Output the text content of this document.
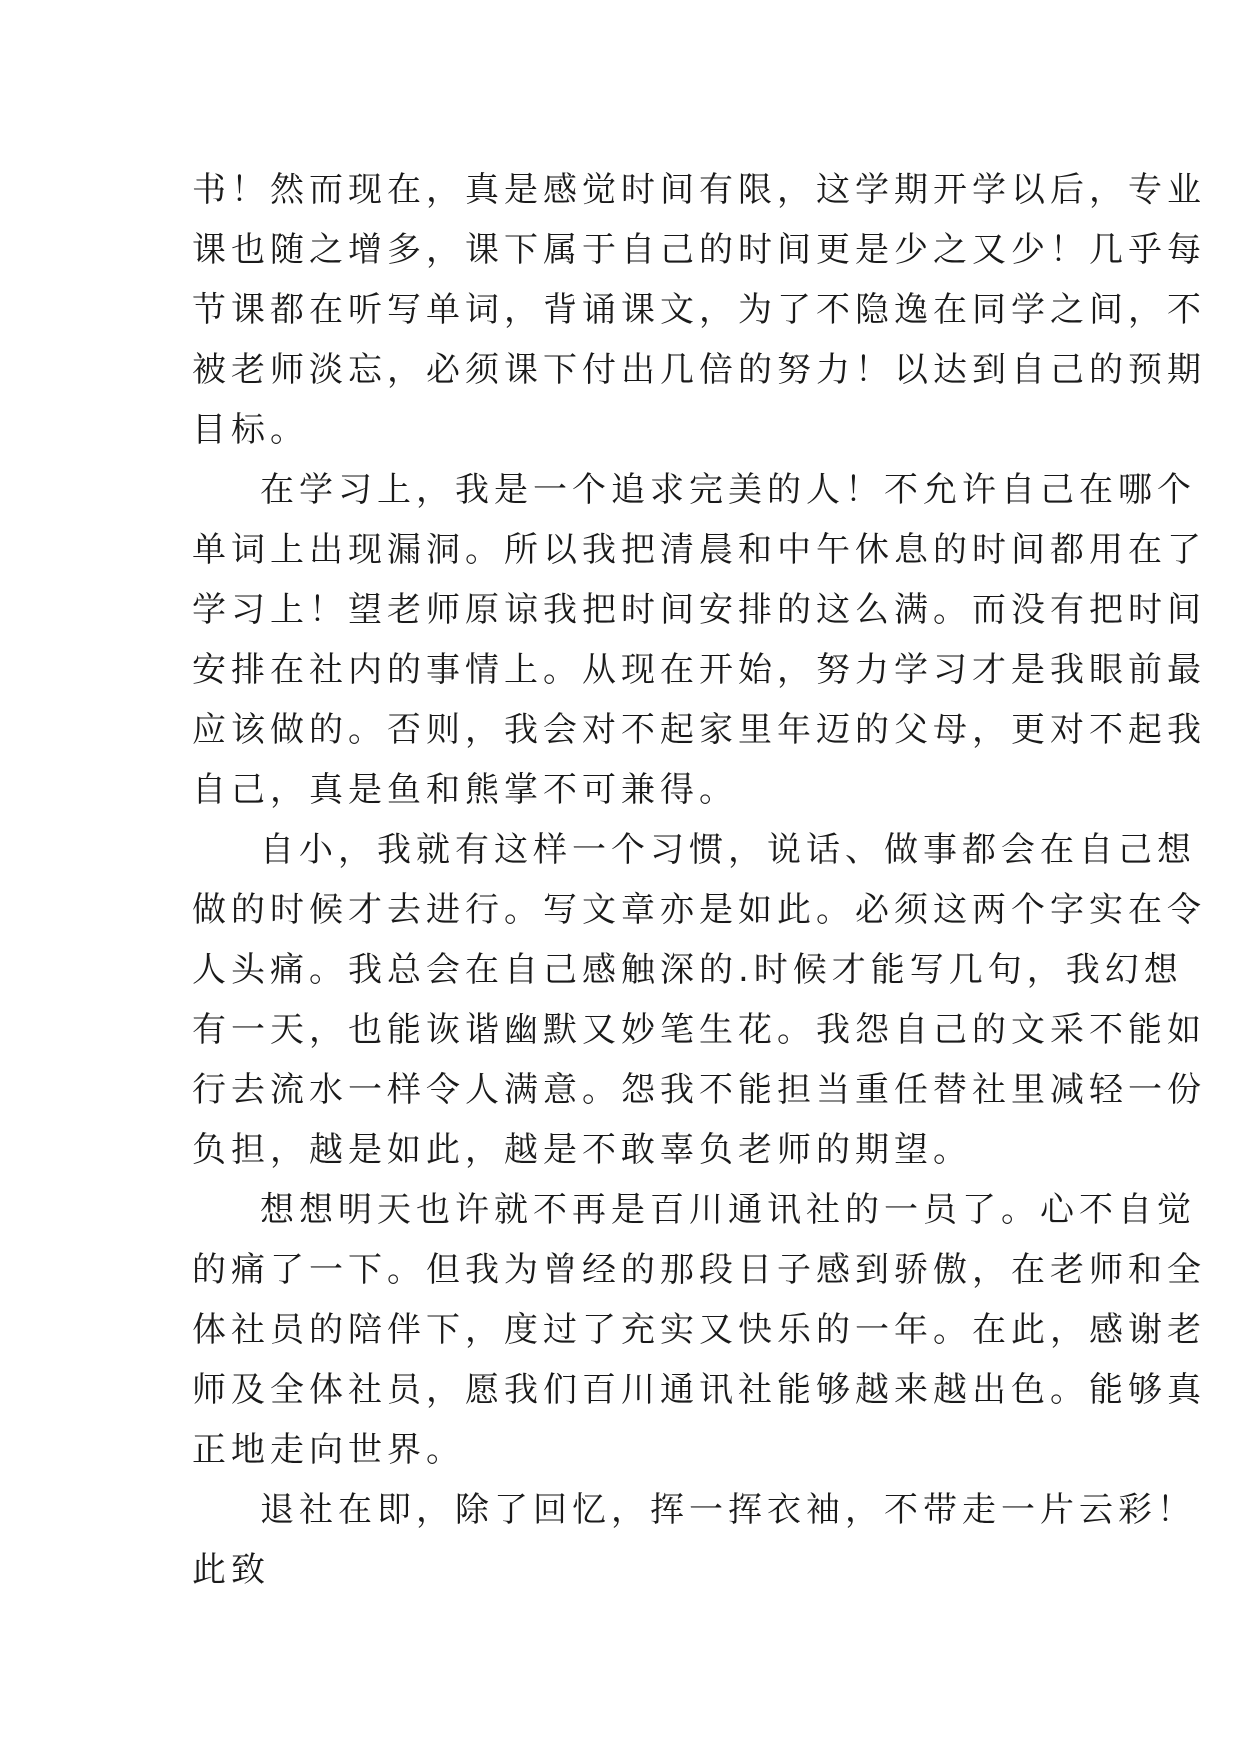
书！然而现在，真是感觉时间有限，这学期开学以后，专业
课也随之增多，课下属于自己的时间更是少之又少！几乎每
节课都在听写单词，背诵课文，为了不隐逸在同学之间，不
被老师淡忘，必须课下付出几倍的努力！以达到自己的预期
目标。
在学习上，我是一个追求完美的人！不允许自己在哪个
单词上出现漏洞。所以我把清晨和中午休息的时间都用在了
学习上！望老师原谅我把时间安排的这么满。而没有把时间
安排在社内的事情上。从现在开始，努力学习才是我眼前最
应该做的。否则，我会对不起家里年迈的父母，更对不起我
自己，真是鱼和熊掌不可兼得。
自小，我就有这样一个习惯，说话、做事都会在自己想
做的时候才去进行。写文章亦是如此。必须这两个字实在令
人头痛。我总会在自己感触深的.时候才能写几句，我幻想
有一天，也能诙谐幽默又妙笔生花。我怨自己的文采不能如
行去流水一样令人满意。怨我不能担当重任替社里减轻一份
负担，越是如此，越是不敢辜负老师的期望。
想想明天也许就不再是百川通讯社的一员了。心不自觉
的痛了一下。但我为曾经的那段日子感到骄傲，在老师和全
体社员的陪伴下，度过了充实又快乐的一年。在此，感谢老
师及全体社员，愿我们百川通讯社能够越来越出色。能够真
正地走向世界。
退社在即，除了回忆，挥一挥衣袖，不带走一片云彩！
此致
